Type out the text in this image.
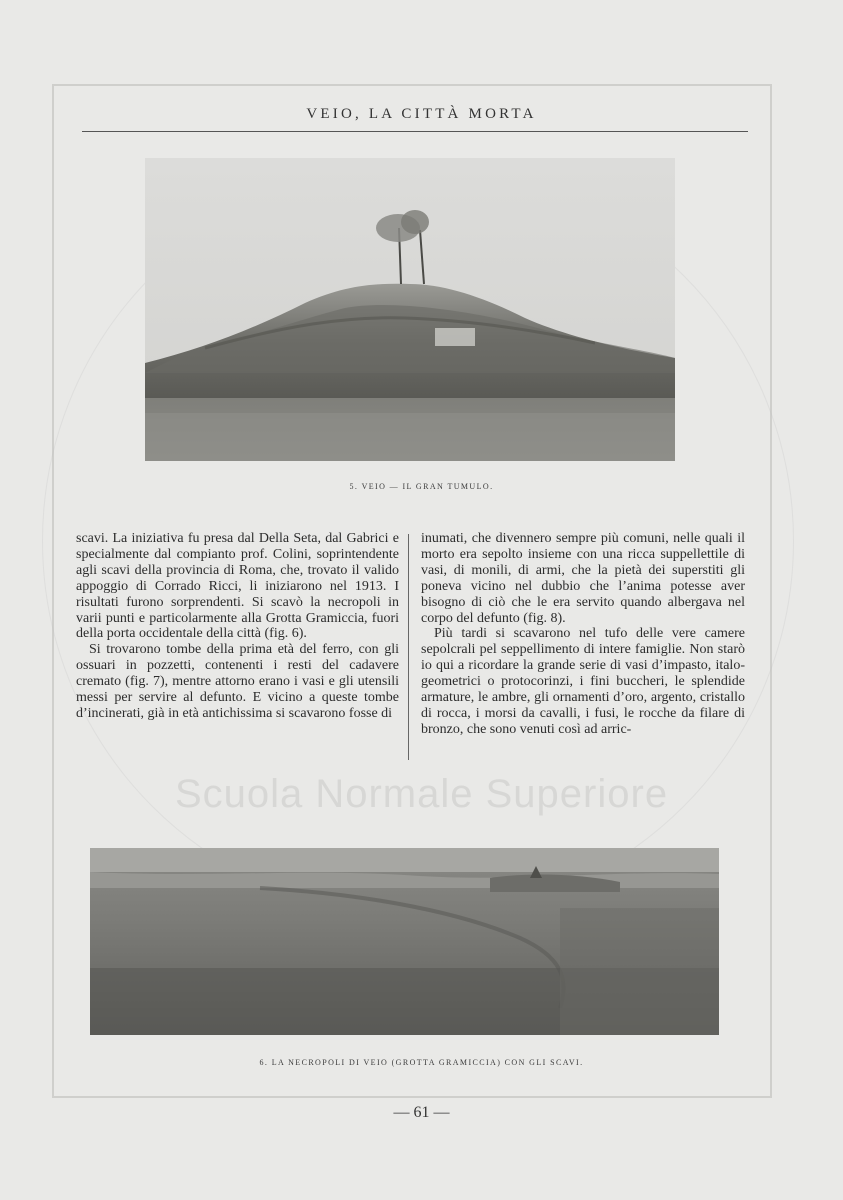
VEIO, LA CITTÀ MORTA
5. VEIO — IL GRAN TUMULO.

scavi. La iniziativa fu presa dal Della Seta, dal Gabrici e specialmente dal compianto prof. Colini, soprintendente agli scavi della provincia di Roma, che, trovato il valido appoggio di Corrado Ricci, li iniziarono nel 1913. I risultati furono sorprendenti. Si scavò la necropoli in varii punti e particolarmente alla Grotta Gramiccia, fuori della porta occidentale della città (fig. 6).

Si trovarono tombe della prima età del ferro, con gli ossuari in pozzetti, contenenti i resti del cadavere cremato (fig. 7), mentre attorno erano i vasi e gli utensili messi per servire al defunto. E vicino a queste tombe d’incinerati, già in età antichissima si scavarono fosse di

inumati, che divennero sempre più comuni, nelle quali il morto era sepolto insieme con una ricca suppellettile di vasi, di monili, di armi, che la pietà dei superstiti gli poneva vicino nel dubbio che l’anima potesse aver bisogno di ciò che le era servito quando albergava nel corpo del defunto (fig. 8).

Più tardi si scavarono nel tufo delle vere camere sepolcrali pel seppellimento di intere famiglie. Non starò io qui a ricordare la grande serie di vasi d’impasto, italo-geometrici o protocorinzi, i fini buccheri, le splendide armature, le ambre, gli ornamenti d’oro, argento, cristallo di rocca, i morsi da cavalli, i fusi, le rocche da filare di bronzo, che sono venuti così ad arric-

Scuola Normale Superiore
6. LA NECROPOLI DI VEIO (GROTTA GRAMICCIA) CON GLI SCAVI.
— 61 —
